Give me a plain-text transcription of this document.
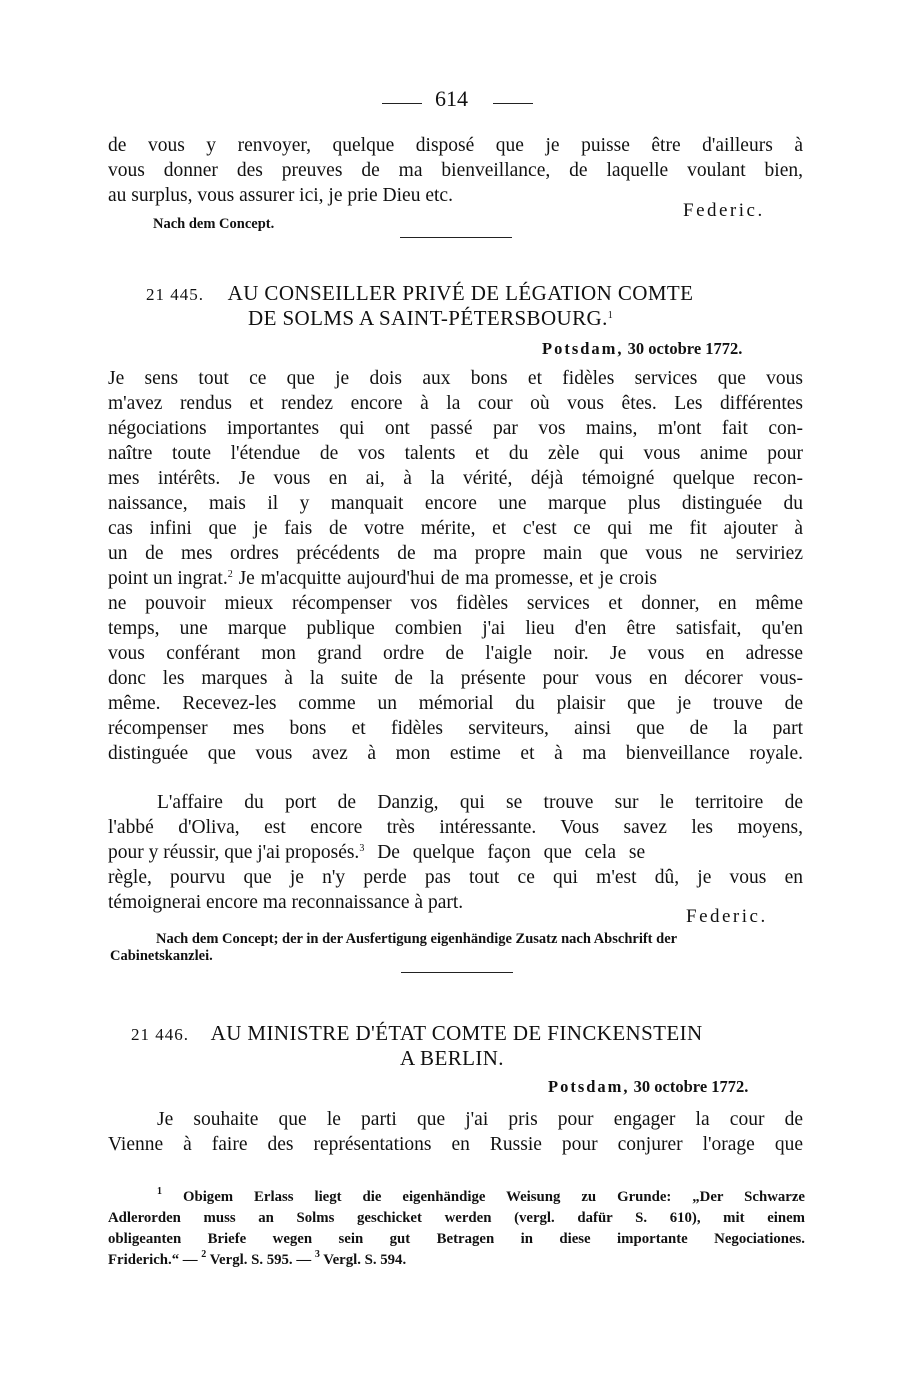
614
de vous y renvoyer, quelque disposé que je puisse être d'ailleurs à
vous donner des preuves de ma bienveillance, de laquelle voulant bien,
au surplus, vous assurer ici, je prie Dieu etc.
Federic.
Nach dem Concept.
21 445. AU CONSEILLER PRIVÉ DE LÉGATION COMTE
DE SOLMS A SAINT-PÉTERSBOURG.$^1$
Potsdam, 30 octobre 1772.
Je sens tout ce que je dois aux bons et fidèles services que vous
m'avez rendus et rendez encore à la cour où vous êtes. Les différentes
négociations importantes qui ont passé par vos mains, m'ont fait con-
naître toute l'étendue de vos talents et du zèle qui vous anime pour
mes intérêts. Je vous en ai, à la vérité, déjà témoigné quelque recon-
naissance, mais il y manquait encore une marque plus distinguée du
cas infini que je fais de votre mérite, et c'est ce qui me fit ajouter à
un de mes ordres précédents de ma propre main que vous ne serviriez
point un ingrat.$^2$ Je m'acquitte aujourd'hui de ma promesse, et je crois
ne pouvoir mieux récompenser vos fidèles services et donner, en même
temps, une marque publique combien j'ai lieu d'en être satisfait, qu'en
vous conférant mon grand ordre de l'aigle noir. Je vous en adresse
donc les marques à la suite de la présente pour vous en décorer vous-
même. Recevez-les comme un mémorial du plaisir que je trouve de
récompenser mes bons et fidèles serviteurs, ainsi que de la part
distinguée que vous avez à mon estime et à ma bienveillance royale.
L'affaire du port de Danzig, qui se trouve sur le territoire de
l'abbé d'Oliva, est encore très intéressante. Vous savez les moyens,
pour y réussir, que j'ai proposés.$^3$ De quelque façon que cela se
règle, pourvu que je n'y perde pas tout ce qui m'est dû, je vous en
témoignerai encore ma reconnaissance à part.
Federic.
Nach dem Concept; der in der Ausfertigung eigenhändige Zusatz nach Abschrift der
Cabinetskanzlei.
21 446. AU MINISTRE D'ÉTAT COMTE DE FINCKENSTEIN
A BERLIN.
Potsdam, 30 octobre 1772.
Je souhaite que le parti que j'ai pris pour engager la cour de
Vienne à faire des représentations en Russie pour conjurer l'orage que
$^1$ Obigem Erlass liegt die eigenhändige Weisung zu Grunde: „Der Schwarze
Adlerorden muss an Solms geschicket werden (vergl. dafür S. 610), mit einem
obligeanten Briefe wegen sein gut Betragen in diese importante Negociationes.
Friderich.“ — $^2$ Vergl. S. 595. — $^3$ Vergl. S. 594.
